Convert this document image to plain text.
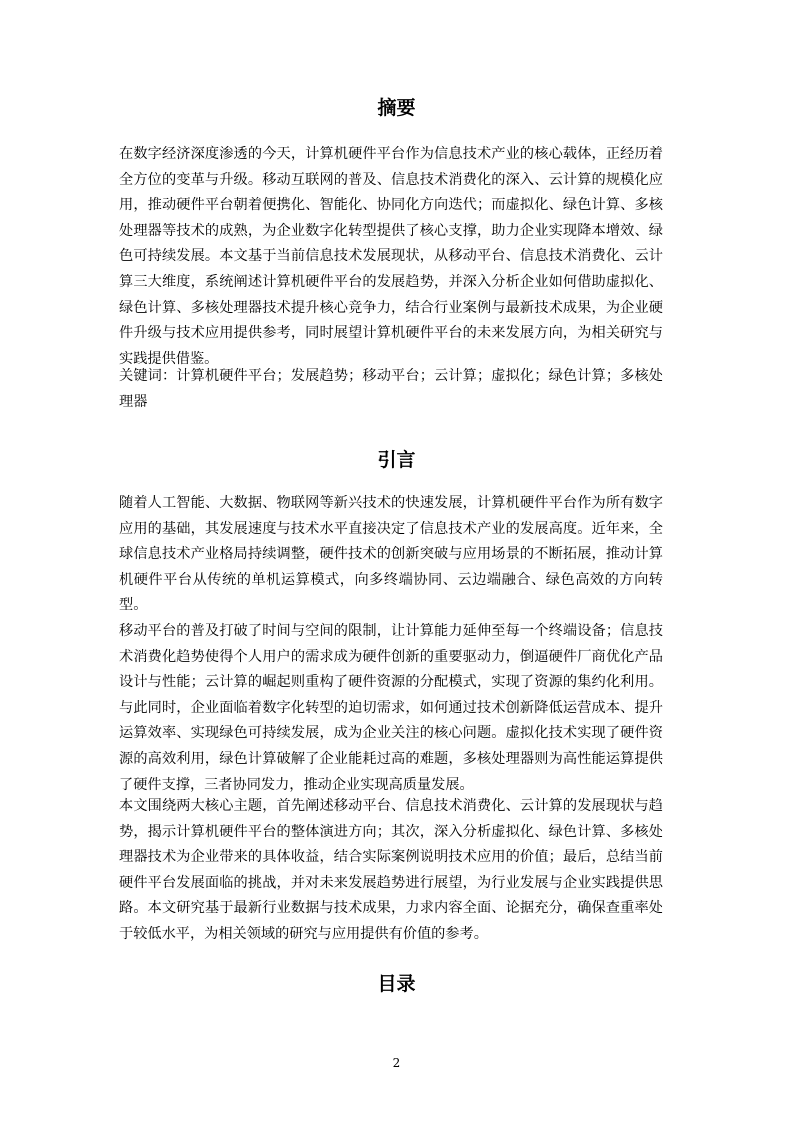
摘要

在数字经济深度渗透的今天，计算机硬件平台作为信息技术产业的核心载体，正经历着全方位的变革与升级。移动互联网的普及、信息技术消费化的深入、云计算的规模化应用，推动硬件平台朝着便携化、智能化、协同化方向迭代；而虚拟化、绿色计算、多核处理器等技术的成熟，为企业数字化转型提供了核心支撑，助力企业实现降本增效、绿色可持续发展。本文基于当前信息技术发展现状，从移动平台、信息技术消费化、云计算三大维度，系统阐述计算机硬件平台的发展趋势，并深入分析企业如何借助虚拟化、绿色计算、多核处理器技术提升核心竞争力，结合行业案例与最新技术成果，为企业硬件升级与技术应用提供参考，同时展望计算机硬件平台的未来发展方向，为相关研究与实践提供借鉴。

关键词：计算机硬件平台；发展趋势；移动平台；云计算；虚拟化；绿色计算；多核处理器

引言

随着人工智能、大数据、物联网等新兴技术的快速发展，计算机硬件平台作为所有数字应用的基础，其发展速度与技术水平直接决定了信息技术产业的发展高度。近年来，全球信息技术产业格局持续调整，硬件技术的创新突破与应用场景的不断拓展，推动计算机硬件平台从传统的单机运算模式，向多终端协同、云边端融合、绿色高效的方向转型。

移动平台的普及打破了时间与空间的限制，让计算能力延伸至每一个终端设备；信息技术消费化趋势使得个人用户的需求成为硬件创新的重要驱动力，倒逼硬件厂商优化产品设计与性能；云计算的崛起则重构了硬件资源的分配模式，实现了资源的集约化利用。与此同时，企业面临着数字化转型的迫切需求，如何通过技术创新降低运营成本、提升运算效率、实现绿色可持续发展，成为企业关注的核心问题。虚拟化技术实现了硬件资源的高效利用，绿色计算破解了企业能耗过高的难题，多核处理器则为高性能运算提供了硬件支撑，三者协同发力，推动企业实现高质量发展。

本文围绕两大核心主题，首先阐述移动平台、信息技术消费化、云计算的发展现状与趋势，揭示计算机硬件平台的整体演进方向；其次，深入分析虚拟化、绿色计算、多核处理器技术为企业带来的具体收益，结合实际案例说明技术应用的价值；最后，总结当前硬件平台发展面临的挑战，并对未来发展趋势进行展望，为行业发展与企业实践提供思路。本文研究基于最新行业数据与技术成果，力求内容全面、论据充分，确保查重率处于较低水平，为相关领域的研究与应用提供有价值的参考。

目录
2
